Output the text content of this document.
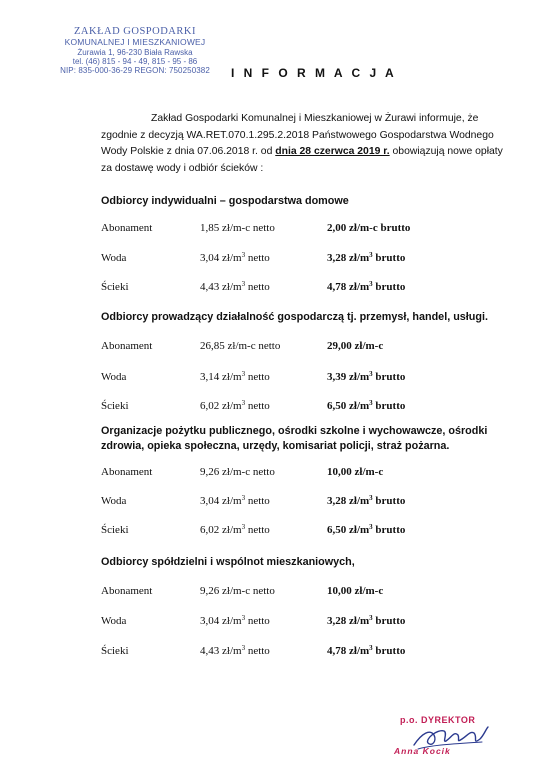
ZAKŁAD GOSPODARKI
KOMUNALNEJ I MIESZKANIOWEJ
Żurawia 1, 96-230 Biała Rawska
tel. (46) 815 - 94 - 49, 815 - 95 - 86
NIP: 835-000-36-29 REGON: 750250382	I N F O R M A C J A
Zakład Gospodarki Komunalnej i Mieszkaniowej w Żurawi informuje, że zgodnie z decyzją WA.RET.070.1.295.2.2018 Państwowego Gospodarstwa Wodnego Wody Polskie z dnia 07.06.2018 r. od dnia 28 czerwca 2019 r. obowiązują nowe opłaty za dostawę wody i odbiór ścieków :
Odbiorcy indywidualni – gospodarstwa domowe
Abonament	1,85 zł/m-c netto	2,00 zł/m-c brutto
Woda	3,04 $zł/m^3$ netto	3,28 $zł/m^3$ brutto
Ścieki	4,43 $zł/m^3$ netto	4,78 $zł/m^3$ brutto
Odbiorcy prowadzący działalność gospodarczą tj. przemysł, handel, usługi.
Abonament	26,85 zł/m-c netto	29,00 zł/m-c
Woda	3,14 $zł/m^3$ netto	3,39 $zł/m^3$ brutto
Ścieki	6,02 $zł/m^3$ netto	6,50 $zł/m^3$ brutto
Organizacje pożytku publicznego, ośrodki szkolne i wychowawcze, ośrodki zdrowia, opieka społeczna, urzędy, komisariat policji, straż pożarna.
Abonament	9,26 zł/m-c netto	10,00 zł/m-c
Woda	3,04 $zł/m^3$ netto	3,28 $zł/m^3$ brutto
Ścieki	6,02 $zł/m^3$ netto	6,50 $zł/m^3$ brutto
Odbiorcy spółdzielni i wspólnot mieszkaniowych,
Abonament	9,26 zł/m-c netto	10,00 zł/m-c
Woda	3,04 $zł/m^3$ netto	3,28 $zł/m^3$ brutto
Ścieki	4,43 $zł/m^3$ netto	4,78 $zł/m^3$ brutto
p.o. DYREKTOR
Anna Kocik
